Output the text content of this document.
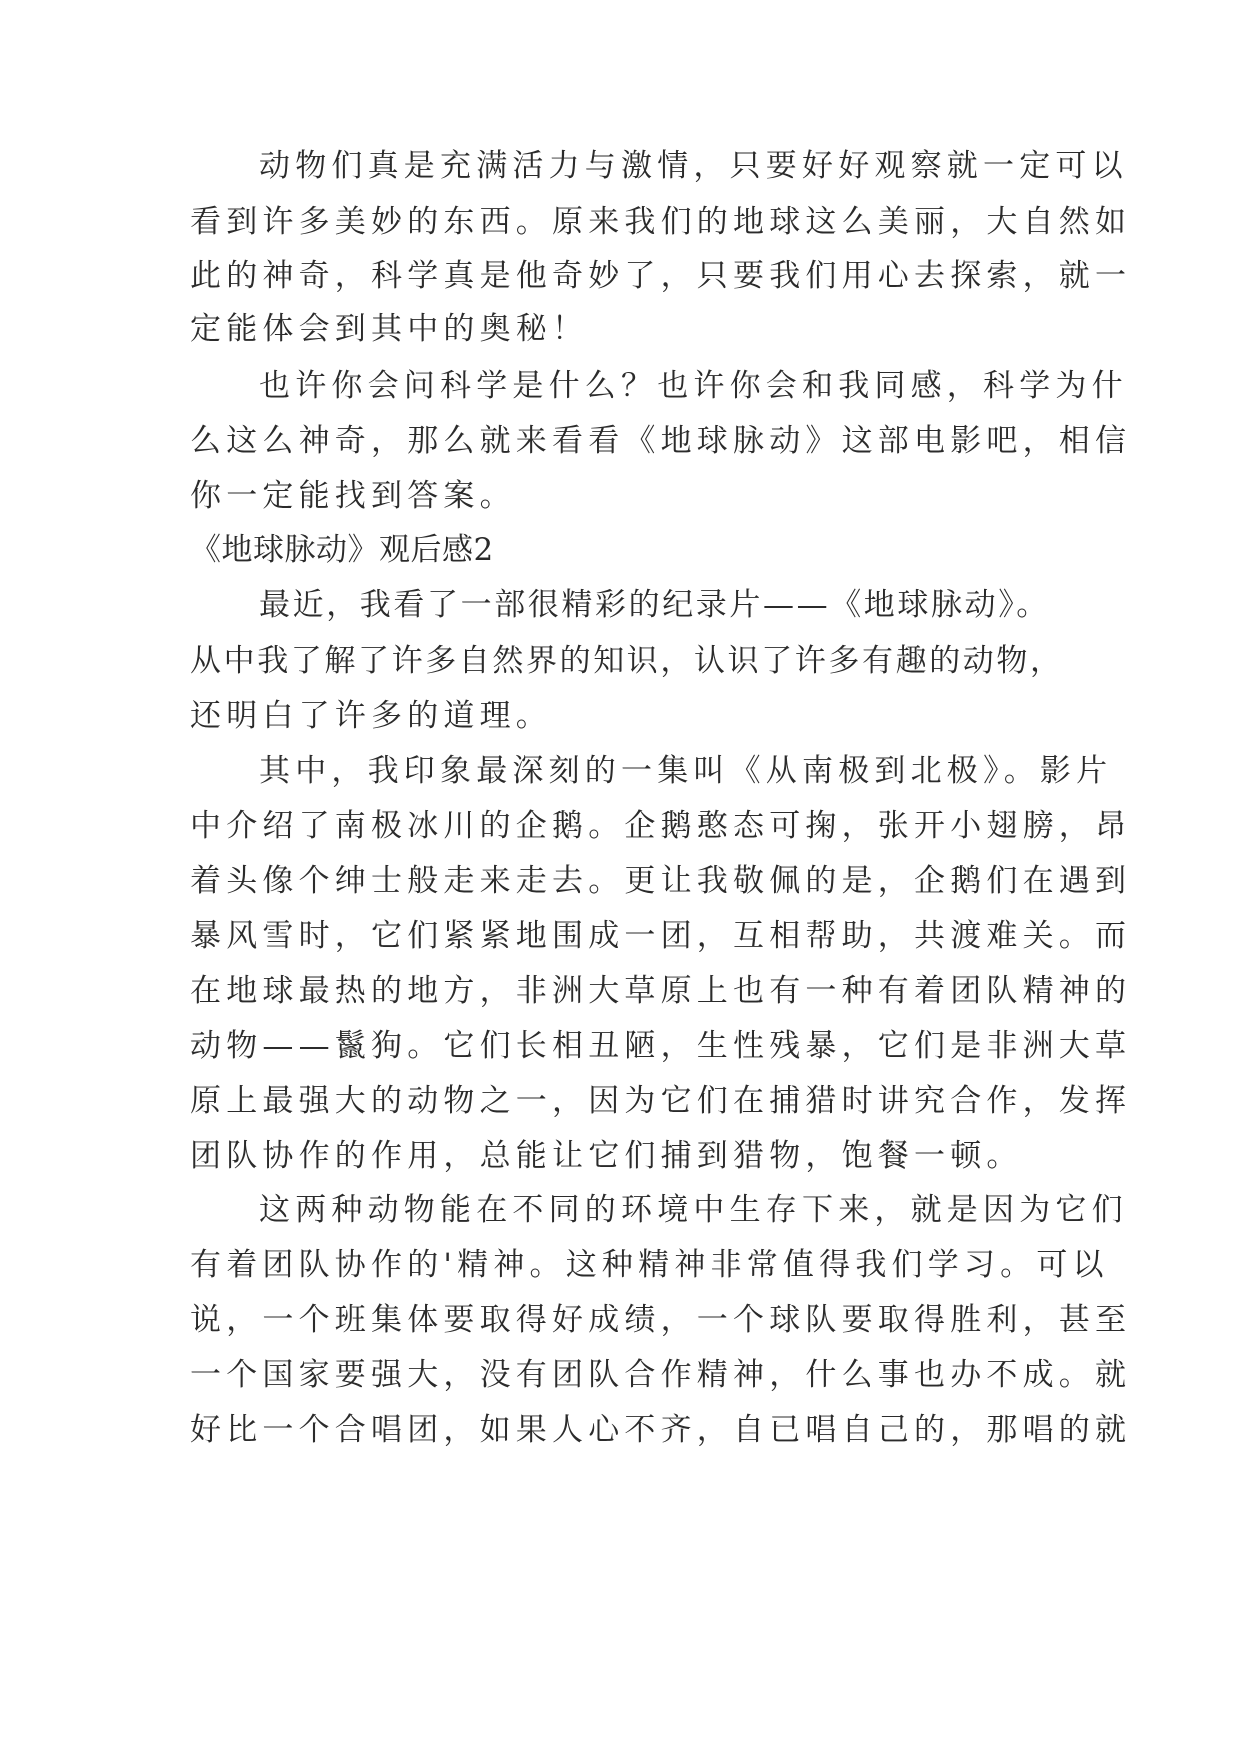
动物们真是充满活力与激情，只要好好观察就一定可以
看到许多美妙的东西。原来我们的地球这么美丽，大自然如
此的神奇，科学真是他奇妙了，只要我们用心去探索，就一
定能体会到其中的奥秘！
也许你会问科学是什么？也许你会和我同感，科学为什
么这么神奇，那么就来看看《地球脉动》这部电影吧，相信
你一定能找到答案。
《地球脉动》观后感2
最近，我看了一部很精彩的纪录片——《地球脉动》。
从中我了解了许多自然界的知识，认识了许多有趣的动物，
还明白了许多的道理。
其中，我印象最深刻的一集叫《从南极到北极》。影片
中介绍了南极冰川的企鹅。企鹅憨态可掬，张开小翅膀，昂
着头像个绅士般走来走去。更让我敬佩的是，企鹅们在遇到
暴风雪时，它们紧紧地围成一团，互相帮助，共渡难关。而
在地球最热的地方，非洲大草原上也有一种有着团队精神的
动物——鬣狗。它们长相丑陋，生性残暴，它们是非洲大草
原上最强大的动物之一，因为它们在捕猎时讲究合作，发挥
团队协作的作用，总能让它们捕到猎物，饱餐一顿。
这两种动物能在不同的环境中生存下来，就是因为它们
有着团队协作的'精神。这种精神非常值得我们学习。可以
说，一个班集体要取得好成绩，一个球队要取得胜利，甚至
一个国家要强大，没有团队合作精神，什么事也办不成。就
好比一个合唱团，如果人心不齐，自已唱自己的，那唱的就
